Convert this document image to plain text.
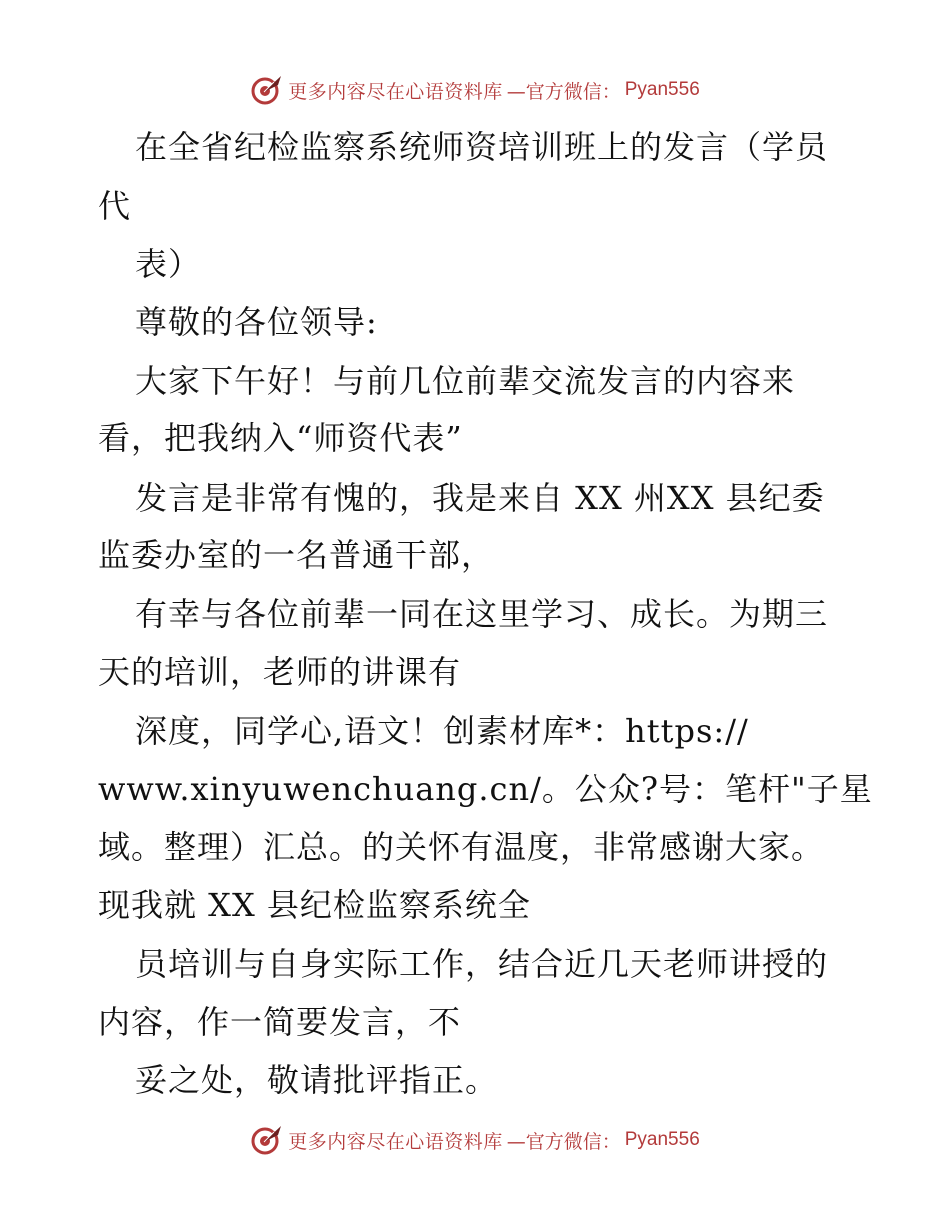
更多内容尽在心语资料库 —官方微信： Pyan556
在全省纪检监察系统师资培训班上的发言（学员
代
表）
尊敬的各位领导:
大家下午好！与前几位前辈交流发言的内容来
看，把我纳入“师资代表”
发言是非常有愧的，我是来自 XX 州XX 县纪委
监委办室的一名普通干部，
有幸与各位前辈一同在这里学习、成长。为期三
天的培训，老师的讲课有
深度，同学心,语文！创素材库*：https://
www.xinyuwenchuang.cn/。公众?号：笔杆"子星
域。整理）汇总。的关怀有温度，非常感谢大家。
现我就 XX 县纪检监察系统全
员培训与自身实际工作，结合近几天老师讲授的
内容，作一简要发言，不
妥之处，敬请批评指正。
更多内容尽在心语资料库 —官方微信： Pyan556
